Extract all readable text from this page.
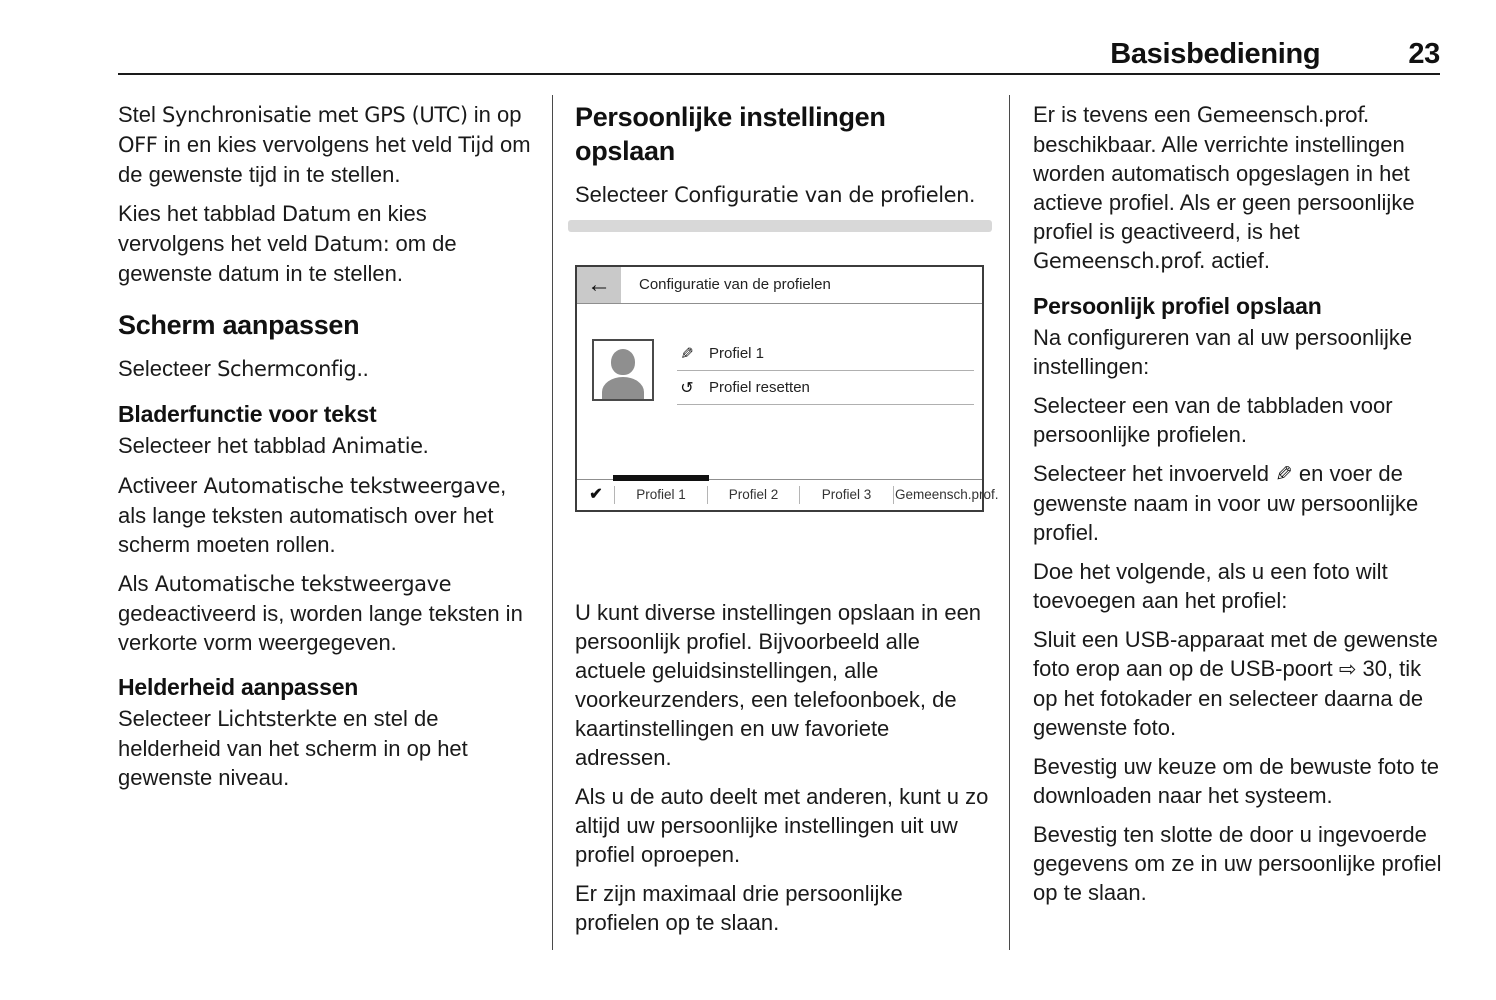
Basisbediening	23

Stel Synchronisatie met GPS (UTC) in op OFF in en kies vervolgens het veld Tijd om de gewenste tijd in te stellen.

Kies het tabblad Datum en kies vervolgens het veld Datum: om de gewenste datum in te stellen.

Scherm aanpassen

Selecteer Schermconfig..

Bladerfunctie voor tekst

Selecteer het tabblad Animatie.

Activeer Automatische tekstweergave, als lange teksten automatisch over het scherm moeten rollen.

Als Automatische tekstweergave gedeactiveerd is, worden lange teksten in verkorte vorm weergegeven.

Helderheid aanpassen

Selecteer Lichtsterkte en stel de helderheid van het scherm in op het gewenste niveau.

Persoonlijke instellingen opslaan

Selecteer Configuratie van de profielen.

← Configuratie van de profielen
✎ Profiel 1
↺ Profiel resetten
✔	Profiel 1	Profiel 2	Profiel 3	Gemeensch.prof.

U kunt diverse instellingen opslaan in een persoonlijk profiel. Bijvoorbeeld alle actuele geluidsinstellingen, alle voorkeurzenders, een telefoonboek, de kaartinstellingen en uw favoriete adressen.

Als u de auto deelt met anderen, kunt u zo altijd uw persoonlijke instellingen uit uw profiel oproepen.

Er zijn maximaal drie persoonlijke profielen op te slaan.

Er is tevens een Gemeensch.prof. beschikbaar. Alle verrichte instellingen worden automatisch opgeslagen in het actieve profiel. Als er geen persoonlijke profiel is geactiveerd, is het Gemeensch.prof. actief.

Persoonlijk profiel opslaan

Na configureren van al uw persoonlijke instellingen:

Selecteer een van de tabbladen voor persoonlijke profielen.

Selecteer het invoerveld ✎ en voer de gewenste naam in voor uw persoonlijke profiel.

Doe het volgende, als u een foto wilt toevoegen aan het profiel:

Sluit een USB-apparaat met de gewenste foto erop aan op de USB-poort ⇨ 30, tik op het fotokader en selecteer daarna de gewenste foto.

Bevestig uw keuze om de bewuste foto te downloaden naar het systeem.

Bevestig ten slotte de door u ingevoerde gegevens om ze in uw persoonlijke profiel op te slaan.
